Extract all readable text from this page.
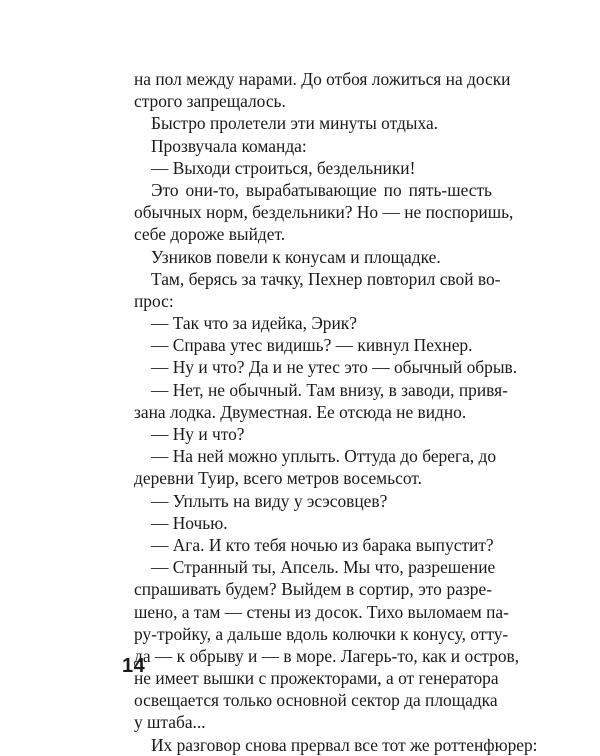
на пол между нарами. До отбоя ложиться на доски
строго запрещалось.
Быстро пролетели эти минуты отдыха.
Прозвучала команда:
— Выходи строиться, бездельники!
Это они-то, вырабатывающие по пять-шесть
обычных норм, бездельники? Но — не поспоришь,
себе дороже выйдет.
Узников повели к конусам и площадке.
Там, берясь за тачку, Пехнер повторил свой во-
прос:
— Так что за идейка, Эрик?
— Справа утес видишь? — кивнул Пехнер.
— Ну и что? Да и не утес это — обычный обрыв.
— Нет, не обычный. Там внизу, в заводи, привя-
зана лодка. Двуместная. Ее отсюда не видно.
— Ну и что?
— На ней можно уплыть. Оттуда до берега, до
деревни Туир, всего метров восемьсот.
— Уплыть на виду у эсэсовцев?
— Ночью.
— Ага. И кто тебя ночью из барака выпустит?
— Странный ты, Апсель. Мы что, разрешение
спрашивать будем? Выйдем в сортир, это разре-
шено, а там — стены из досок. Тихо выломаем па-
ру-тройку, а дальше вдоль колючки к конусу, отту-
да — к обрыву и — в море. Лагерь-то, как и остров,
не имеет вышки с прожекторами, а от генератора
освещается только основной сектор да площадка
у штаба...
Их разговор снова прервал все тот же роттенфюрер:
14
